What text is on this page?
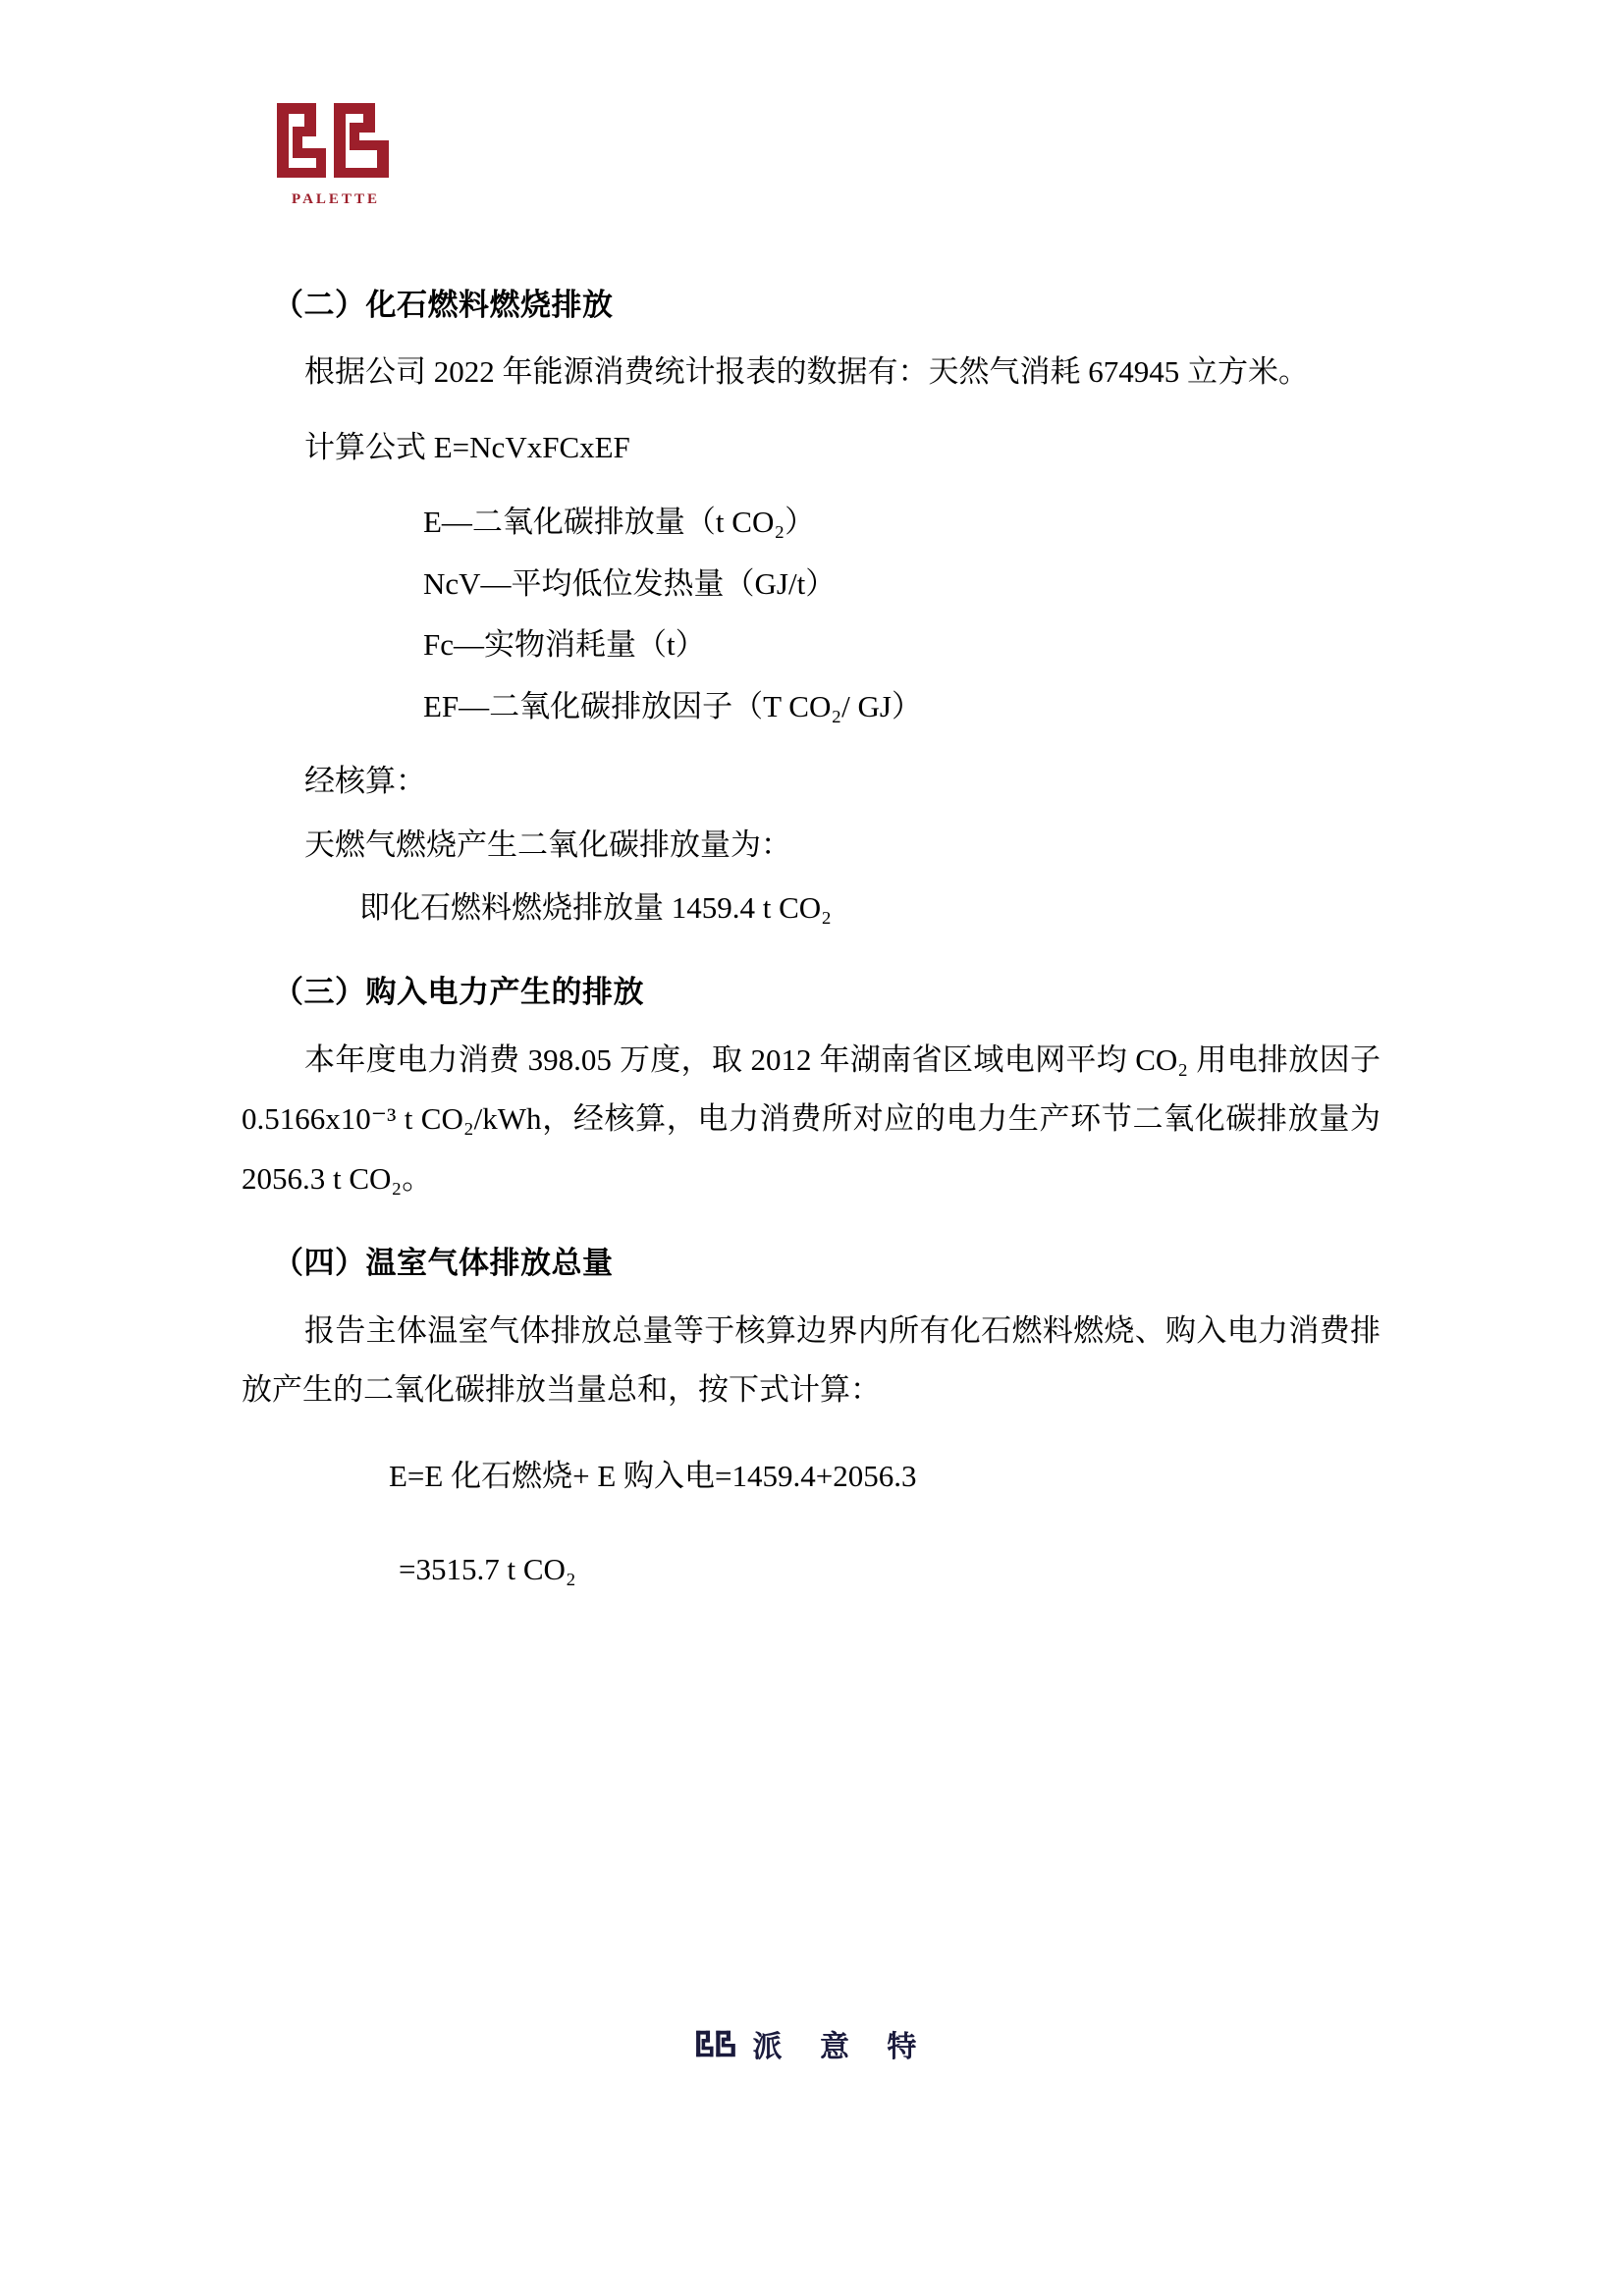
PALETTE

（二）化石燃料燃烧排放

根据公司 2022 年能源消费统计报表的数据有：天然气消耗 674945 立方米。

计算公式 E=NcVxFCxEF

E—二氧化碳排放量（t CO₂）

NcV—平均低位发热量（GJ/t）

Fc—实物消耗量（t）

EF—二氧化碳排放因子（T CO₂/ GJ）

经核算：

天燃气燃烧产生二氧化碳排放量为：

即化石燃料燃烧排放量 1459.4 t CO₂

（三）购入电力产生的排放

本年度电力消费 398.05 万度，取 2012 年湖南省区域电网平均 CO₂ 用电排放因子 0.5166x10⁻³ t CO₂/kWh，经核算，电力消费所对应的电力生产环节二氧化碳排放量为 2056.3 t CO₂。

（四）温室气体排放总量

报告主体温室气体排放总量等于核算边界内所有化石燃料燃烧、购入电力消费排放产生的二氧化碳排放当量总和，按下式计算：

E=E 化石燃烧+ E 购入电=1459.4+2056.3

=3515.7 t CO₂

派 意 特
